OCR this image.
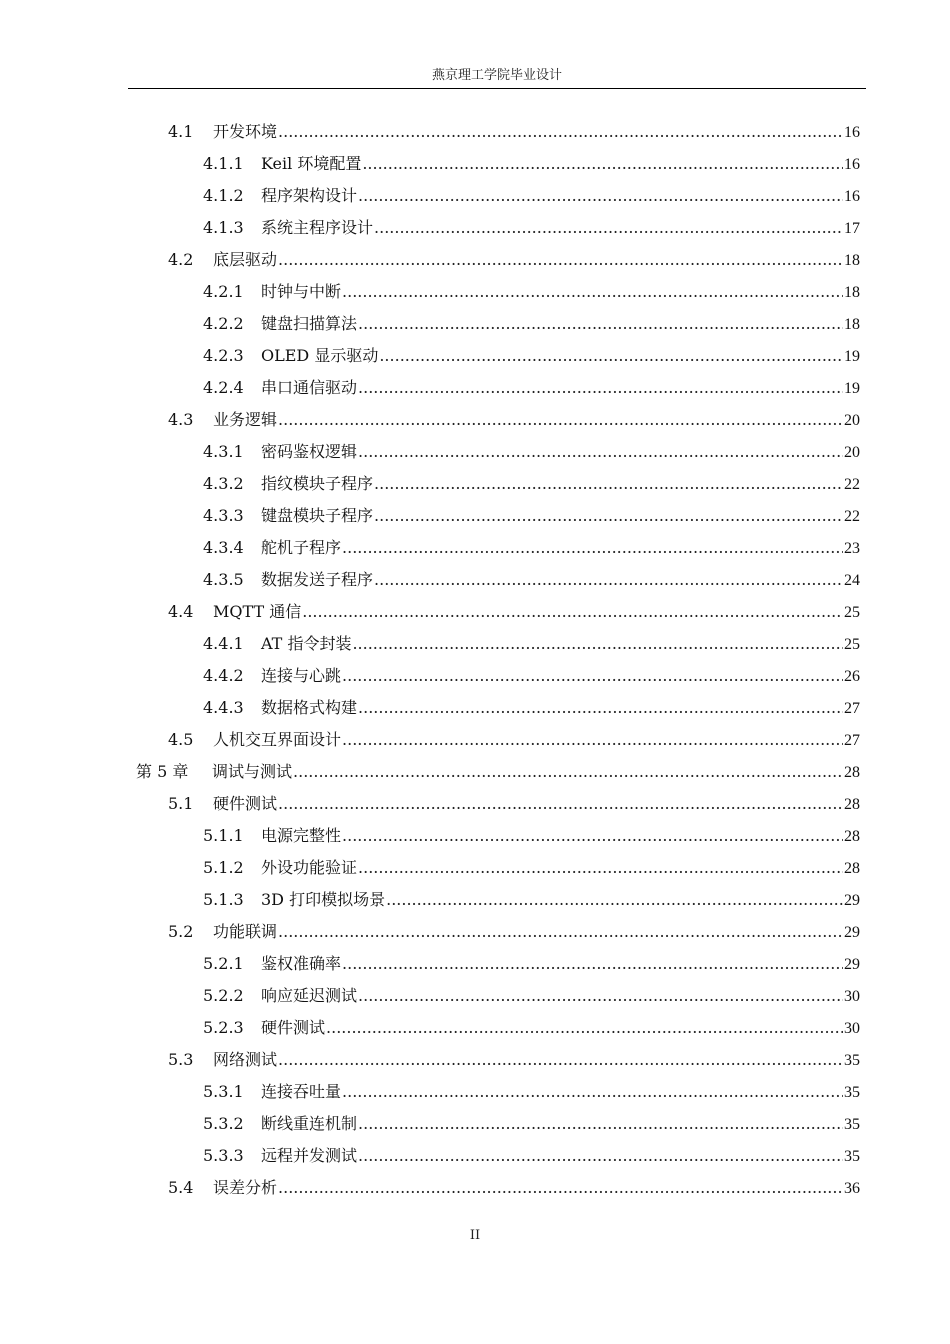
燕京理工学院毕业设计
4.1	开发环境 .....	16
4.1.1	Keil 环境配置 .....	16
4.1.2	程序架构设计 .....	16
4.1.3	系统主程序设计 .....	17
4.2	底层驱动 .....	18
4.2.1	时钟与中断 .....	18
4.2.2	键盘扫描算法 .....	18
4.2.3	OLED 显示驱动 .....	19
4.2.4	串口通信驱动 .....	19
4.3	业务逻辑 .....	20
4.3.1	密码鉴权逻辑 .....	20
4.3.2	指纹模块子程序 .....	22
4.3.3	键盘模块子程序 .....	22
4.3.4	舵机子程序 .....	23
4.3.5	数据发送子程序 .....	24
4.4	MQTT 通信 .....	25
4.4.1	AT 指令封装 .....	25
4.4.2	连接与心跳 .....	26
4.4.3	数据格式构建 .....	27
4.5	人机交互界面设计 .....	27
第 5 章	调试与测试 .....	28
5.1	硬件测试 .....	28
5.1.1	电源完整性 .....	28
5.1.2	外设功能验证 .....	28
5.1.3	3D 打印模拟场景 .....	29
5.2	功能联调 .....	29
5.2.1	鉴权准确率 .....	29
5.2.2	响应延迟测试 .....	30
5.2.3	硬件测试 .....	30
5.3	网络测试 .....	35
5.3.1	连接吞吐量 .....	35
5.3.2	断线重连机制 .....	35
5.3.3	远程并发测试 .....	35
5.4	误差分析 .....	36
II
